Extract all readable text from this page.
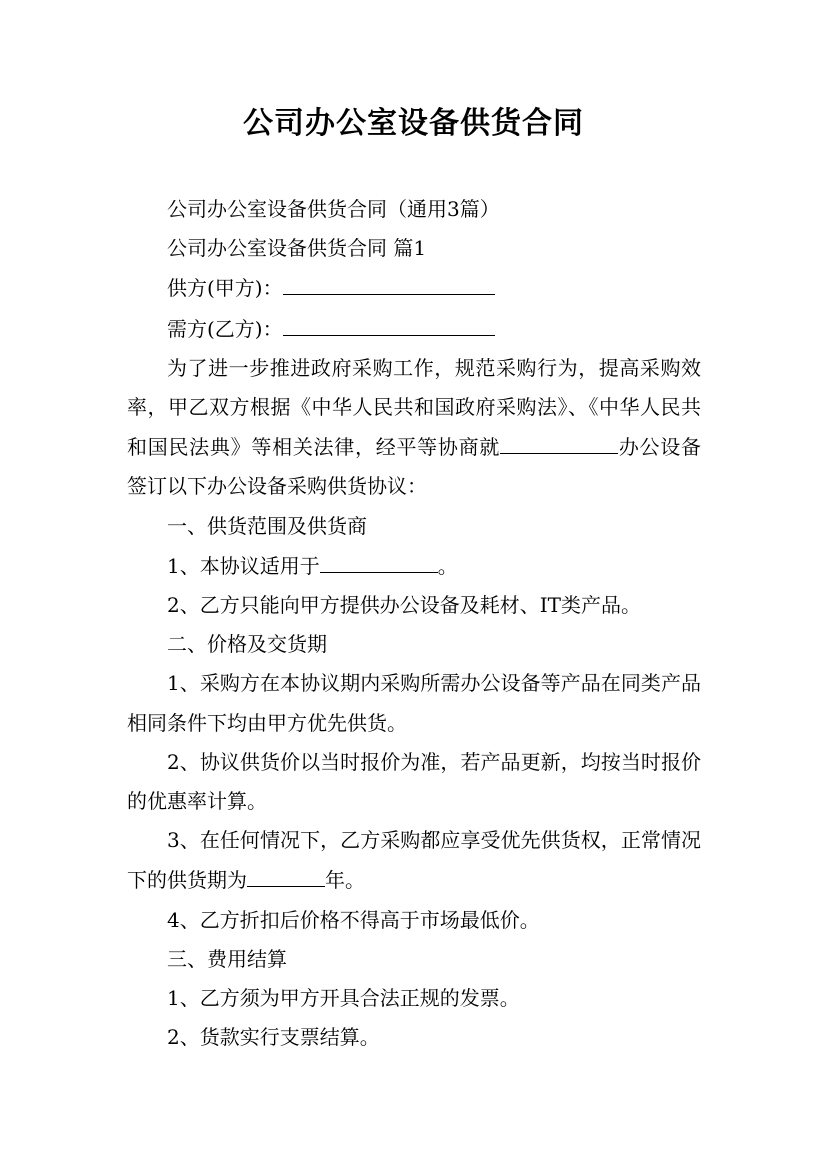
公司办公室设备供货合同

公司办公室设备供货合同（通用3篇）

公司办公室设备供货合同 篇1

供方(甲方)：

需方(乙方)：

为了进一步推进政府采购工作，规范采购行为，提高采购效率，甲乙双方根据《中华人民共和国政府采购法》、《中华人民共和国民法典》等相关法律，经平等协商就	办公设备签订以下办公设备采购供货协议：

一、供货范围及供货商

1、本协议适用于	。

2、乙方只能向甲方提供办公设备及耗材、IT类产品。

二、价格及交货期

1、采购方在本协议期内采购所需办公设备等产品在同类产品相同条件下均由甲方优先供货。

2、协议供货价以当时报价为准，若产品更新，均按当时报价的优惠率计算。

3、在任何情况下，乙方采购都应享受优先供货权，正常情况下的供货期为	年。

4、乙方折扣后价格不得高于市场最低价。

三、费用结算

1、乙方须为甲方开具合法正规的发票。

2、货款实行支票结算。
